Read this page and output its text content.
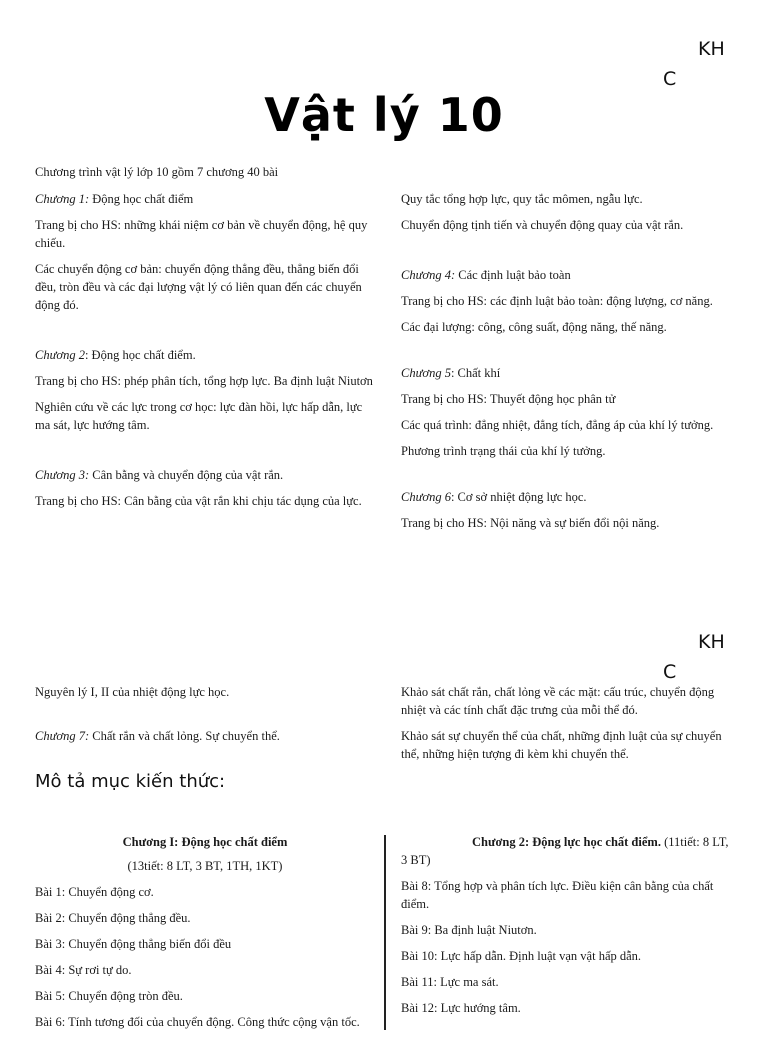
KH
C
Vật lý 10
Chương trình vật lý lớp 10 gồm 7 chương 40 bài

Chương 1: Động học chất điểm

Trang bị cho HS: những khái niệm cơ bản về chuyển động, hệ quy chiếu.

Các chuyển động cơ bản: chuyển động thẳng đều, thẳng biến đổi đều, tròn đều và các đại lượng vật lý có liên quan đến các chuyển động đó.

Chương 2: Động học chất điểm.

Trang bị cho HS: phép phân tích, tổng hợp lực. Ba định luật Niutơn

Nghiên cứu về các lực trong cơ học: lực đàn hồi, lực hấp dẫn, lực ma sát, lực hướng tâm.

Chương 3: Cân bằng và chuyển động của vật rắn.

Trang bị cho HS: Cân bằng của vật rắn khi chịu tác dụng của lực.

Quy tắc tổng hợp lực, quy tắc mômen, ngẫu lực.

Chuyển động tịnh tiến và chuyển động quay của vật rắn.

Chương 4: Các định luật bảo toàn

Trang bị cho HS: các định luật bảo toàn: động lượng, cơ năng.

Các đại lượng: công, công suất, động năng, thế năng.

Chương 5: Chất khí

Trang bị cho HS: Thuyết động học phân tử

Các quá trình: đẳng nhiệt, đẳng tích, đẳng áp của khí lý tưởng.

Phương trình trạng thái của khí lý tưởng.

Chương 6: Cơ sở nhiệt động lực học.

Trang bị cho HS: Nội năng và sự biến đổi nội năng.

KH
C

Nguyên lý I, II của nhiệt động lực học.

Chương 7: Chất rắn và chất lỏng. Sự chuyển thể.

Khảo sát chất rắn, chất lỏng về các mặt: cấu trúc, chuyển động nhiệt và các tính chất đặc trưng của mỗi thể đó.

Khảo sát sự chuyển thể của chất, những định luật của sự chuyển thể, những hiện tượng đi kèm khi chuyển thể.

Mô tả mục kiến thức:

Chương I: Động học chất điểm

(13tiết: 8 LT, 3 BT, 1TH, 1KT)

Bài 1: Chuyển động cơ.

Bài 2: Chuyển động thẳng đều.

Bài 3: Chuyển động thẳng biến đổi đều

Bài 4: Sự rơi tự do.

Bài 5: Chuyển động tròn đều.

Bài 6: Tính tương đối của chuyển động. Công thức cộng vận tốc.

Chương 2: Động lực học chất điểm. (11tiết: 8 LT, 3 BT)

Bài 8: Tổng hợp và phân tích lực. Điều kiện cân bằng của chất điểm.

Bài 9: Ba định luật Niutơn.

Bài 10: Lực hấp dẫn. Định luật vạn vật hấp dẫn.

Bài 11: Lực ma sát.

Bài 12: Lực hướng tâm.
